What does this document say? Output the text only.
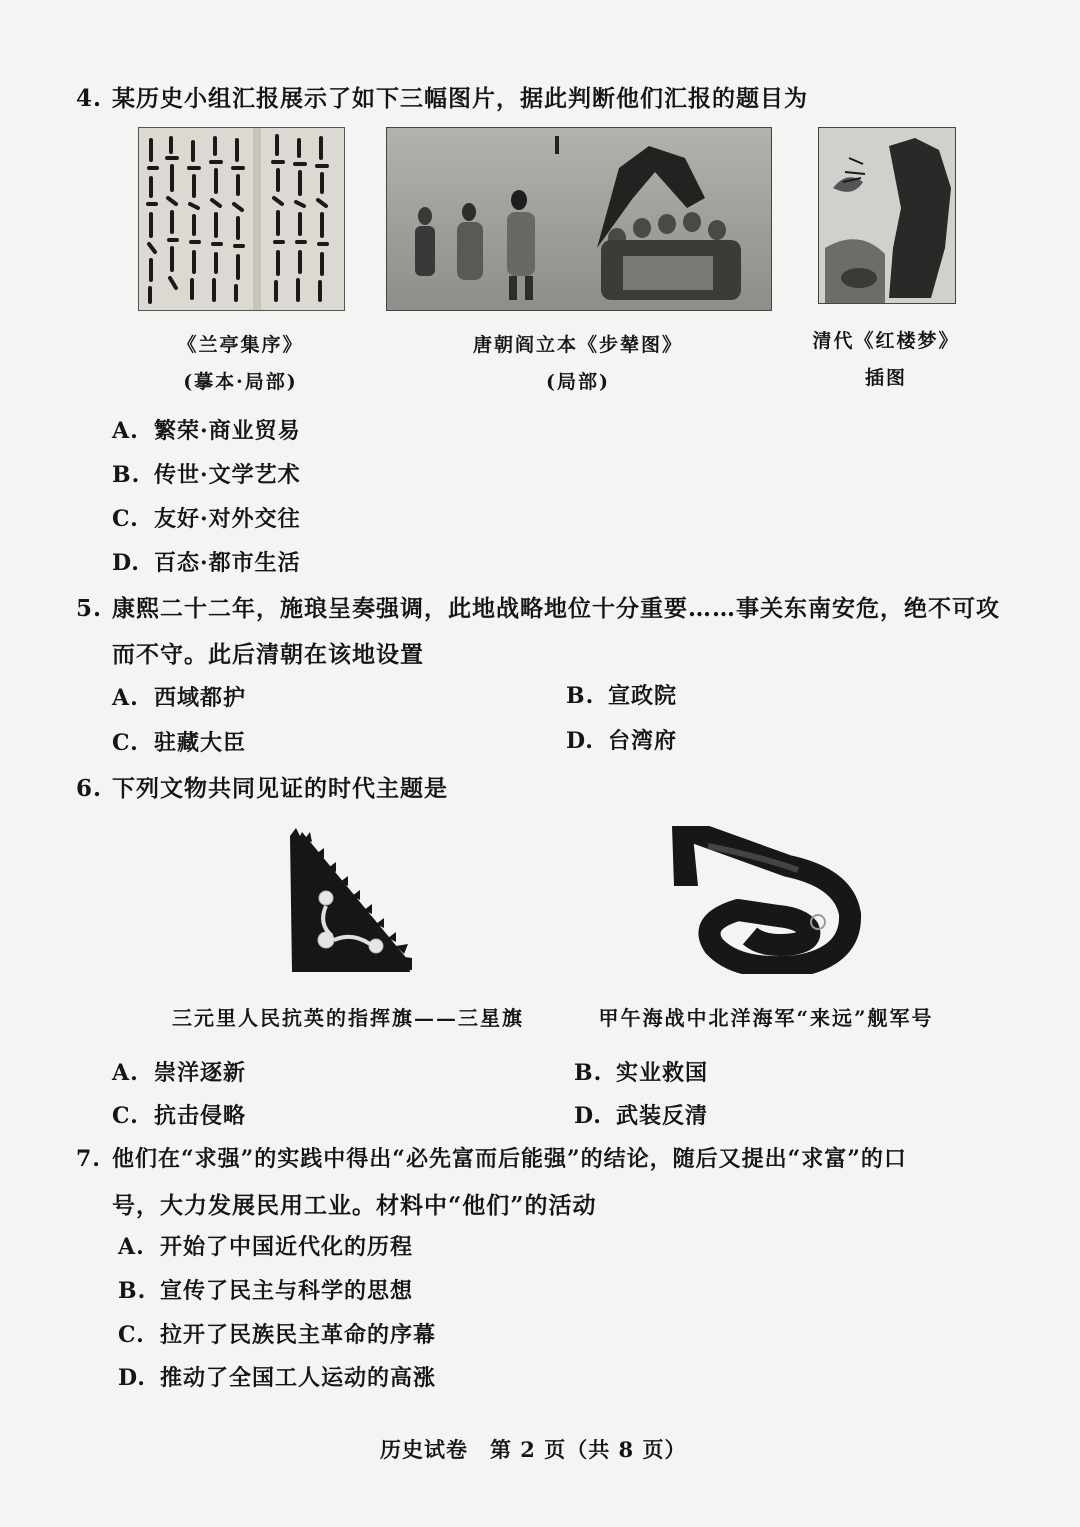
4. 某历史小组汇报展示了如下三幅图片，据此判断他们汇报的题目为
《兰亭集序》
(摹本·局部)
唐朝阎立本《步辇图》
(局部)
清代《红楼梦》
插图
A. 繁荣·商业贸易
B. 传世·文学艺术
C. 友好·对外交往
D. 百态·都市生活
5. 康熙二十二年，施琅呈奏强调，此地战略地位十分重要……事关东南安危，绝不可攻
而不守。此后清朝在该地设置
A. 西域都护	B. 宣政院
C. 驻藏大臣	D. 台湾府
6. 下列文物共同见证的时代主题是
三元里人民抗英的指挥旗——三星旗	甲午海战中北洋海军“来远”舰军号
A. 崇洋逐新	B. 实业救国
C. 抗击侵略	D. 武装反清
7. 他们在“求强”的实践中得出“必先富而后能强”的结论，随后又提出“求富”的口
号，大力发展民用工业。材料中“他们”的活动
A. 开始了中国近代化的历程
B. 宣传了民主与科学的思想
C. 拉开了民族民主革命的序幕
D. 推动了全国工人运动的高涨
历史试卷　第 2 页（共 8 页）
